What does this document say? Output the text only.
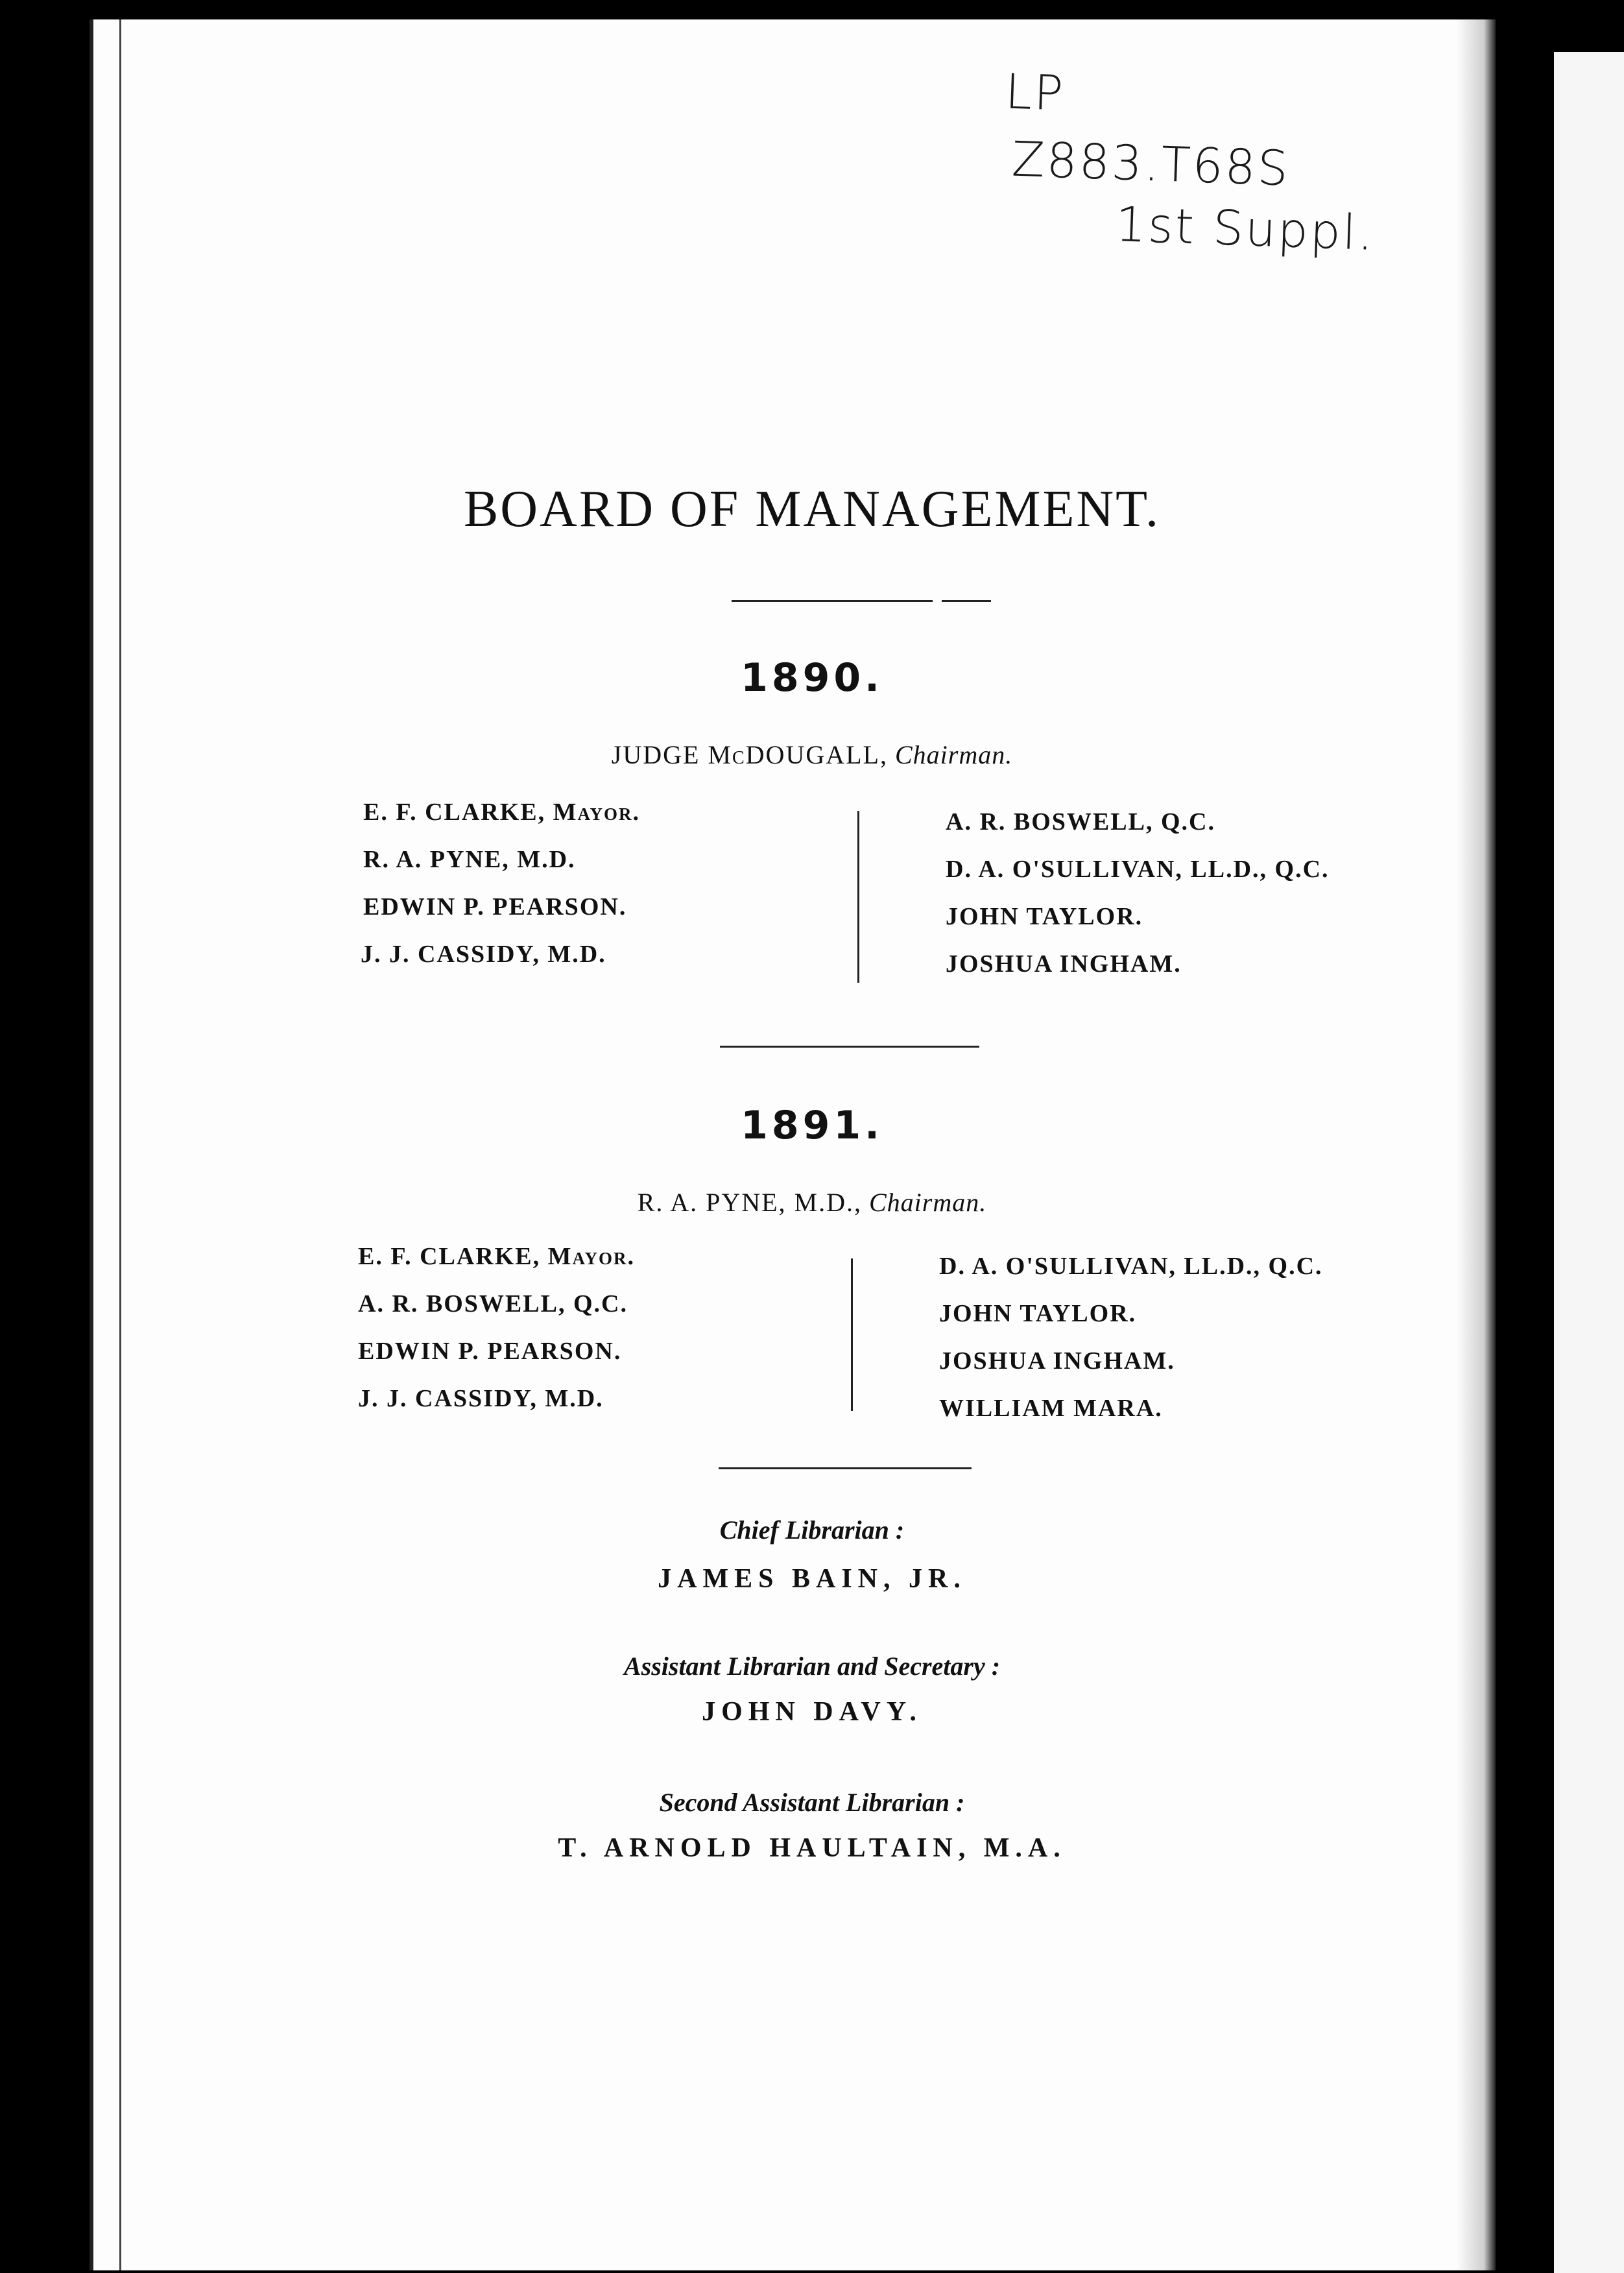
LP
Z883.T68S
1st Suppl.
BOARD OF MANAGEMENT.
1890.
JUDGE McDOUGALL, Chairman.
E. F. CLARKE, Mayor.
R. A. PYNE, M.D.
EDWIN P. PEARSON.
J. J. CASSIDY, M.D.
A. R. BOSWELL, Q.C.
D. A. O'SULLIVAN, LL.D., Q.C.
JOHN TAYLOR.
JOSHUA INGHAM.
1891.
R. A. PYNE, M.D., Chairman.
E. F. CLARKE, Mayor.
A. R. BOSWELL, Q.C.
EDWIN P. PEARSON.
J. J. CASSIDY, M.D.
D. A. O'SULLIVAN, LL.D., Q.C.
JOHN TAYLOR.
JOSHUA INGHAM.
WILLIAM MARA.
Chief Librarian :
JAMES BAIN, JR.
Assistant Librarian and Secretary :
JOHN DAVY.
Second Assistant Librarian :
T. ARNOLD HAULTAIN, M.A.
